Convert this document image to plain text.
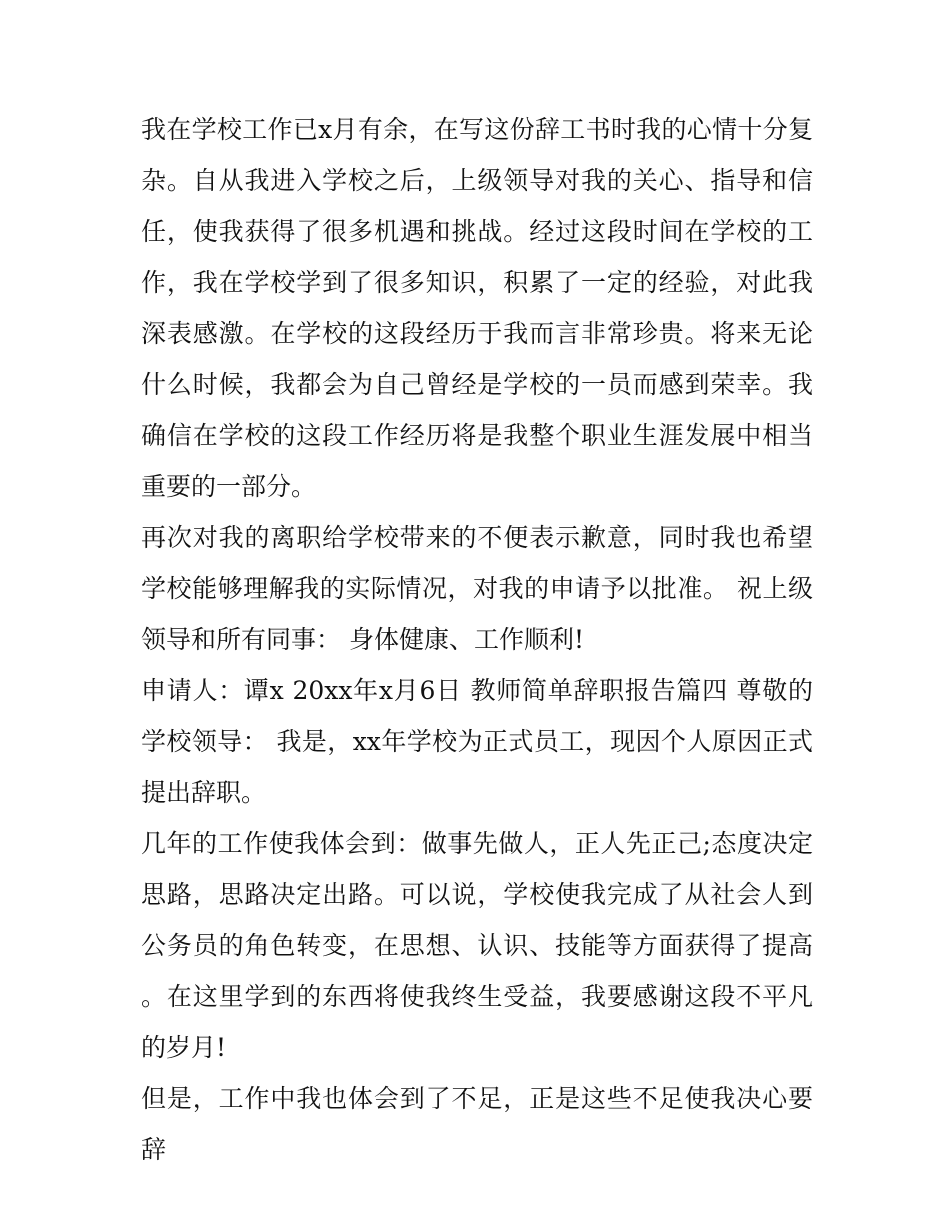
我在学校工作已x月有余，在写这份辞工书时我的心情十分复杂。自从我进入学校之后，上级领导对我的关心、指导和信任，使我获得了很多机遇和挑战。经过这段时间在学校的工作，我在学校学到了很多知识，积累了一定的经验，对此我深表感激。在学校的这段经历于我而言非常珍贵。将来无论什么时候，我都会为自己曾经是学校的一员而感到荣幸。我确信在学校的这段工作经历将是我整个职业生涯发展中相当重要的一部分。

再次对我的离职给学校带来的不便表示歉意，同时我也希望学校能够理解我的实际情况，对我的申请予以批准。 祝上级领导和所有同事： 身体健康、工作顺利!

申请人：谭x 20xx年x月6日 教师简单辞职报告篇四 尊敬的学校领导： 我是，xx年学校为正式员工，现因个人原因正式提出辞职。

几年的工作使我体会到：做事先做人，正人先正己;态度决定思路，思路决定出路。可以说，学校使我完成了从社会人到公务员的角色转变，在思想、认识、技能等方面获得了提高。在这里学到的东西将使我终生受益，我要感谢这段不平凡的岁月!

但是，工作中我也体会到了不足，正是这些不足使我决心要辞
